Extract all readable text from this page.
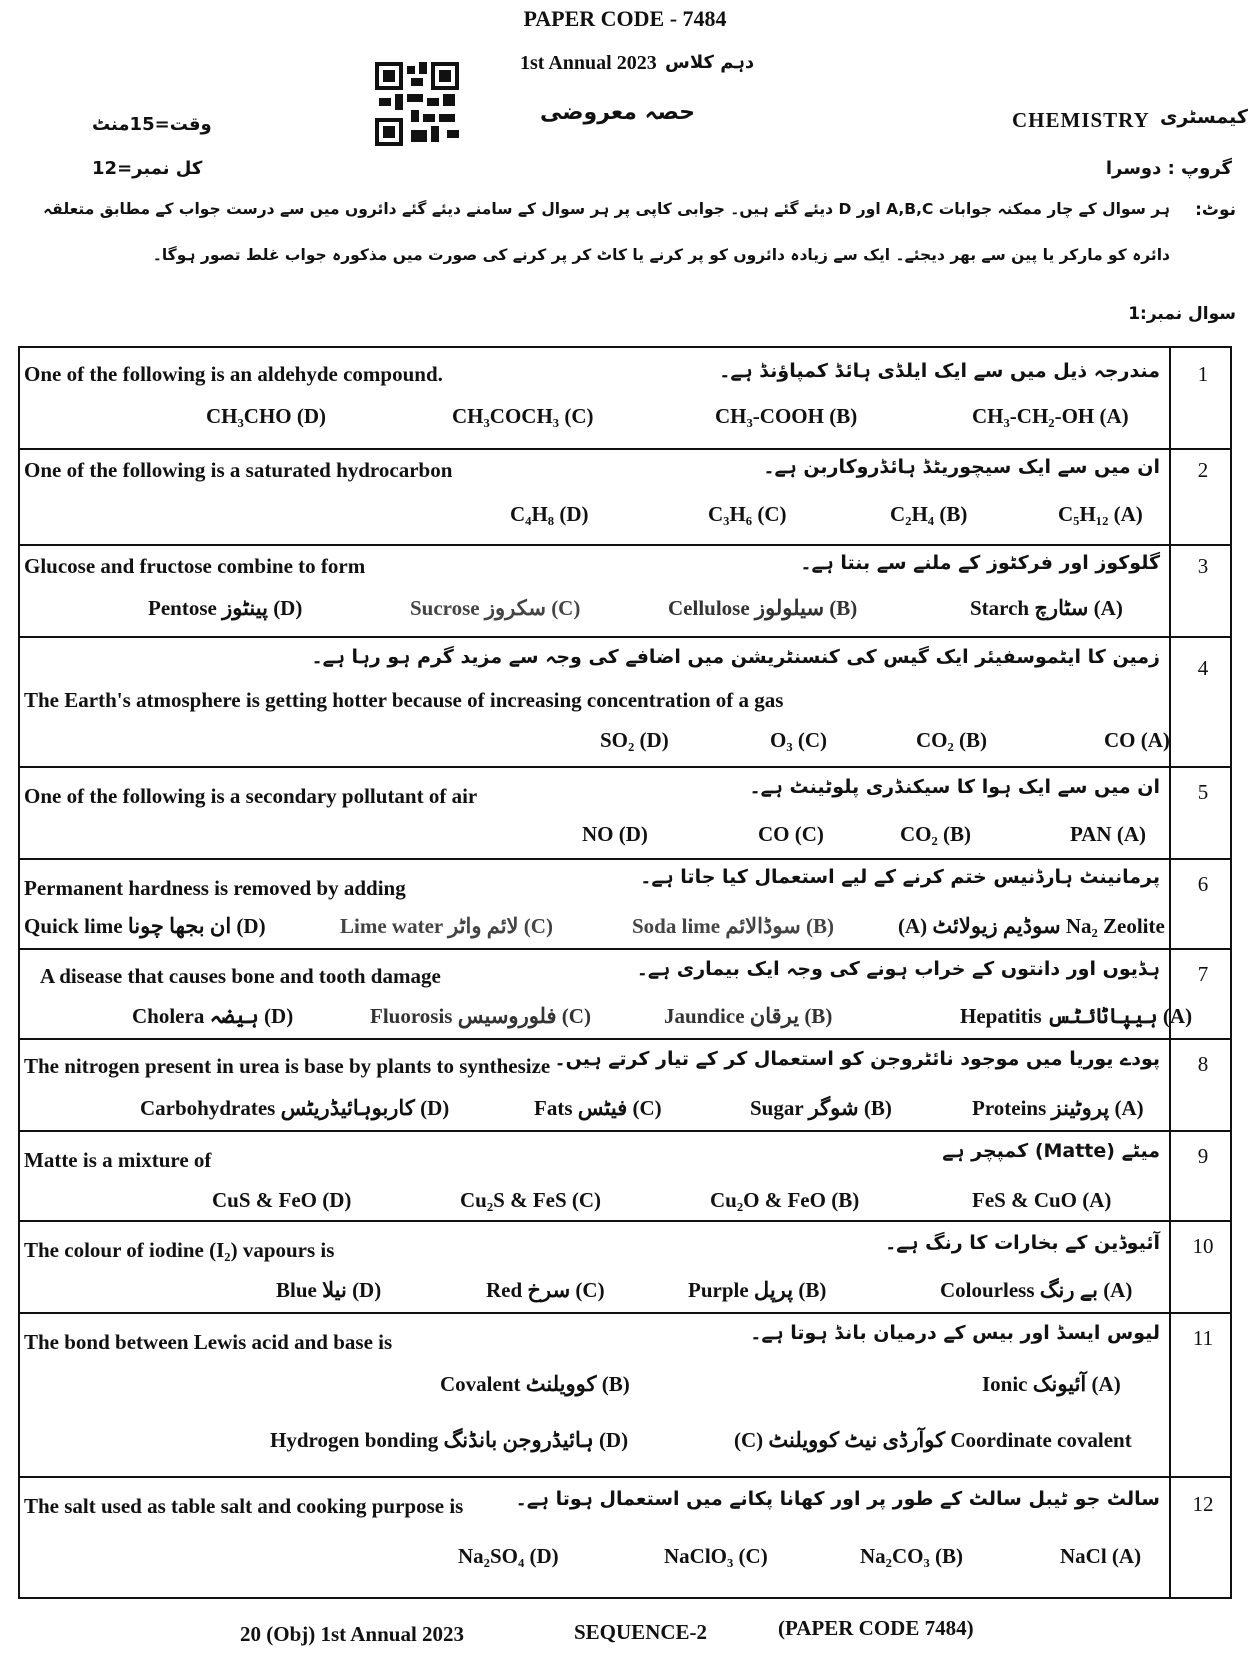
PAPER CODE - 7484
1st Annual 2023 دہم کلاس
حصہ معروضی	CHEMISTRY کیمسٹری
وقت=15منٹ
کل نمبر=12	گروپ : دوسرا
نوٹ:
ہر سوال کے چار ممکنہ جوابات A,B,C اور D دیئے گئے ہیں۔ جوابی کاپی پر ہر سوال کے سامنے دیئے گئے دائروں میں سے درست جواب کے مطابق متعلقہ
دائرہ کو مارکر یا پین سے بھر دیجئے۔ ایک سے زیادہ دائروں کو پر کرنے یا کاٹ کر پر کرنے کی صورت میں مذکورہ جواب غلط تصور ہوگا۔
سوال نمبر:1
1
One of the following is an aldehyde compound.	مندرجہ ذیل میں سے ایک ایلڈی ہائڈ کمپاؤنڈ ہے۔
CH₃-CH₂-OH (A)
CH₃-COOH (B)
CH₃COCH₃ (C)
CH₃CHO (D)
2
One of the following is a saturated hydrocarbon	ان میں سے ایک سیچوریٹڈ ہائڈروکاربن ہے۔
C₅H₁₂ (A)
C₂H₄ (B)
C₃H₆ (C)
C₄H₈ (D)
3
Glucose and fructose combine to form	گلوکوز اور فرکٹوز کے ملنے سے بنتا ہے۔
Starch سٹارچ (A)
Cellulose سیلولوز (B)
Sucrose سکروز (C)
Pentose پینٹوز (D)
4
زمین کا ایٹموسفیئر ایک گیس کی کنسنٹریشن میں اضافے کی وجہ سے مزید گرم ہو رہا ہے۔
The Earth's atmosphere is getting hotter because of increasing concentration of a gas
CO (A)
CO₂ (B)
O₃ (C)
SO₂ (D)
5
ان میں سے ایک ہوا کا سیکنڈری پلوٹینٹ ہے۔
One of the following is a secondary pollutant of air
PAN (A)
CO₂ (B)
CO (C)
NO (D)
6
پرمانینٹ ہارڈنیس ختم کرنے کے لیے استعمال کیا جاتا ہے۔
Permanent hardness is removed by adding
(A) سوڈیم زیولائٹ Na₂ Zeolite
Soda lime سوڈالائم (B)
Lime water لائم واٹر (C)
Quick lime ان بجھا چونا (D)
7
ہڈیوں اور دانتوں کے خراب ہونے کی وجہ ایک بیماری ہے۔
A disease that causes bone and tooth damage
Hepatitis ہیپاٹائٹس (A)
Jaundice یرقان (B)
Fluorosis فلوروسیس (C)
Cholera ہیضہ (D)
8
پودے یوریا میں موجود نائٹروجن کو استعمال کر کے تیار کرتے ہیں۔
The nitrogen present in urea is base by plants to synthesize
Proteins پروٹینز (A)
Sugar شوگر (B)
Fats فیٹس (C)
Carbohydrates کاربوہائیڈریٹس (D)
9
میٹے (Matte) کمپچر ہے
Matte is a mixture of
FeS & CuO (A)
Cu₂O & FeO (B)
Cu₂S & FeS (C)
CuS & FeO (D)
10
آئیوڈین کے بخارات کا رنگ ہے۔
The colour of iodine (I₂) vapours is
Colourless بے رنگ (A)
Purple پرپل (B)
Red سرخ (C)
Blue نیلا (D)
11
لیوس ایسڈ اور بیس کے درمیان بانڈ ہوتا ہے۔
The bond between Lewis acid and base is
Ionic آئیونک (A)
Covalent کوویلنٹ (B)
(C) کوآرڈی نیٹ کوویلنٹ Coordinate covalent
Hydrogen bonding ہائیڈروجن بانڈنگ (D)
12
سالٹ جو ٹیبل سالٹ کے طور پر اور کھانا پکانے میں استعمال ہوتا ہے۔
The salt used as table salt and cooking purpose is
NaCl (A)
Na₂CO₃ (B)
NaClO₃ (C)
Na₂SO₄ (D)
20 (Obj) 1st Annual 2023	SEQUENCE-2	(PAPER CODE 7484)
